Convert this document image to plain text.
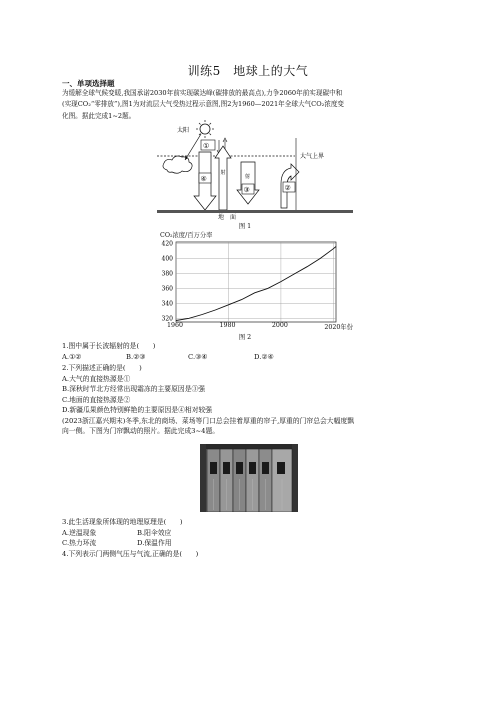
训练5　地球上的大气
一、单项选择题

为缓解全球气候变暖,我国承诺2030年前实现碳达峰(碳排放的最高点),力争2060年前实现碳中和

(实现CO₂“零排放”),图1为对流层大气受热过程示意图,图2为1960—2021年全球大气CO₂浓度变

化图。据此完成1~2题。

太阳
大气上界
①
④
射
射
③	②
地　面
图 1
CO₂浓度/百万分率
320
340
360
380
400
420
1960	1980	2000	2020年份
图 2
1.图中属于长波辐射的是(　　)
A.①②	B.②③	C.③④	D.②④
2.下列描述正确的是(　　)
A.大气的直接热源是①
B.深秋时节北方经常出现霜冻的主要原因是③强
C.地面的直接热源是②
D.新疆瓜果颜色特别鲜艳的主要原因是④相对较强
(2023浙江嘉兴期末)冬季,东北的商场、菜场等门口总会挂着厚重的帘子,厚重的门帘总会大幅度飘
向一侧。下图为门帘飘动的照片。据此完成3~4题。
3.此生活现象所体现的地理原理是(　　)
A.逆温现象	B.阳伞效应
C.热力环流	D.保温作用
4.下列表示门两侧气压与气流,正确的是(　　)
